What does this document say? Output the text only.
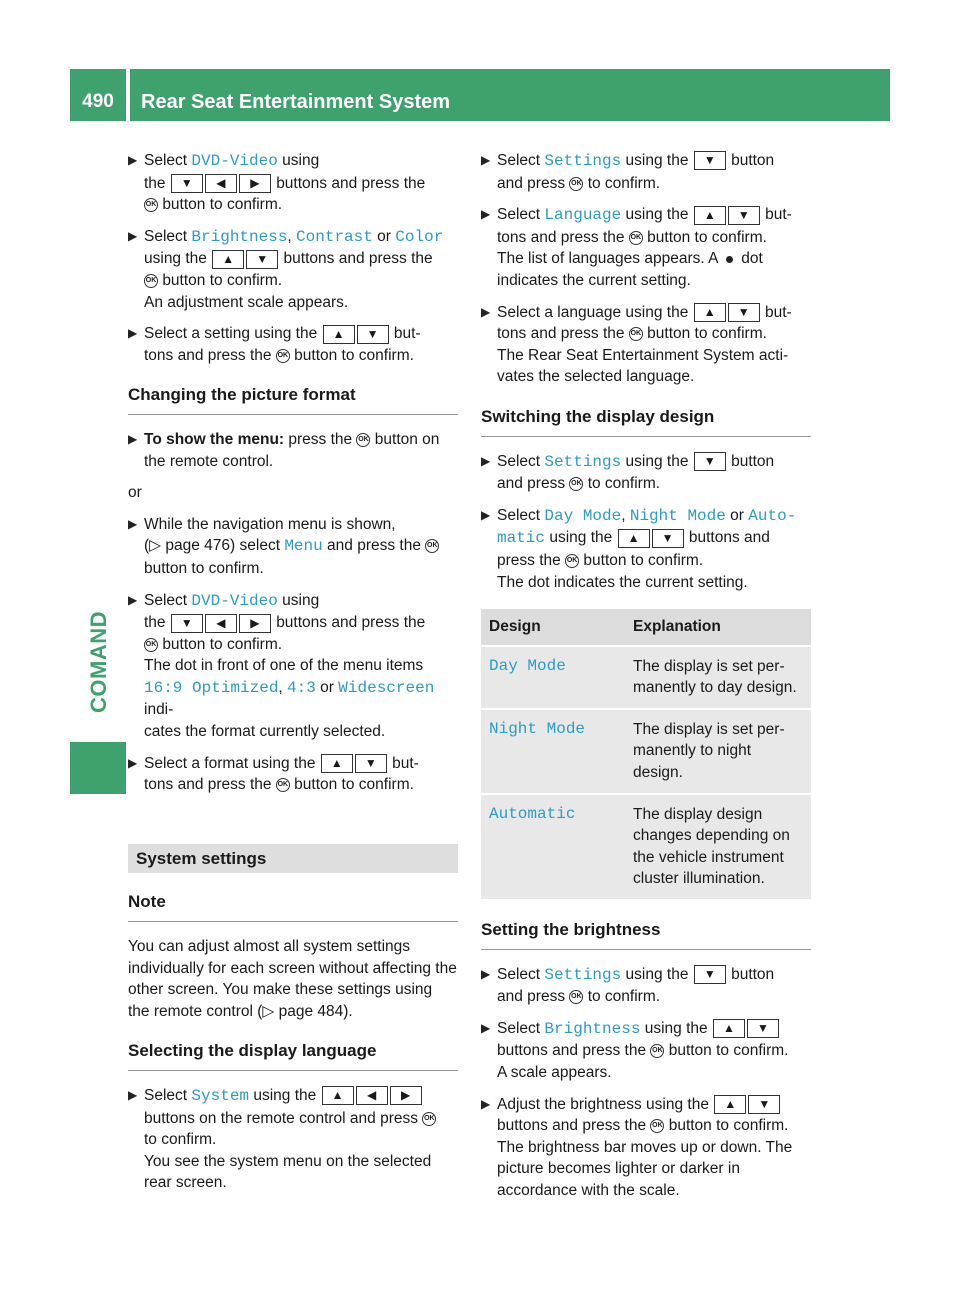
490	Rear Seat Entertainment System
COMAND
▶ Select DVD-Video using
the ▼ ◀ ▶ buttons and press the
OK button to confirm.
▶ Select Brightness, Contrast or Color
using the ▲ ▼ buttons and press the
OK button to confirm.
An adjustment scale appears.
▶ Select a setting using the ▲ ▼ but-
tons and press the OK button to confirm.
Changing the picture format
▶ To show the menu: press the OK button on the remote control.
or
▶ While the navigation menu is shown,
(▷ page 476) select Menu and press the OK
button to confirm.
▶ Select DVD-Video using
the ▼ ◀ ▶ buttons and press the
OK button to confirm.
The dot in front of one of the menu items
16:9 Optimized, 4:3 or Widescreen indi-
cates the format currently selected.
▶ Select a format using the ▲ ▼ but-
tons and press the OK button to confirm.
System settings
Note
You can adjust almost all system settings individually for each screen without affecting the other screen. You make these settings using the remote control (▷ page 484).
Selecting the display language
▶ Select System using the ▲ ◀ ▶
buttons on the remote control and press OK
to confirm.
You see the system menu on the selected rear screen.
▶ Select Settings using the ▼ button
and press OK to confirm.
▶ Select Language using the ▲ ▼ but-
tons and press the OK button to confirm.
The list of languages appears. A dot
indicates the current setting.
▶ Select a language using the ▲ ▼ but-
tons and press the OK button to confirm.
The Rear Seat Entertainment System acti-vates the selected language.
Switching the display design
▶ Select Settings using the ▼ button
and press OK to confirm.
▶ Select Day Mode, Night Mode or Auto‐matic using the ▲ ▼ buttons and
press the OK button to confirm.
The dot indicates the current setting.
Design	Explanation
Day Mode	The display is set per-manently to day design.
Night Mode	The display is set per-manently to night design.
Automatic	The display design changes depending on the vehicle instrument cluster illumination.
Setting the brightness
▶ Select Settings using the ▼ button
and press OK to confirm.
▶ Select Brightness using the ▲ ▼
buttons and press the OK button to confirm.
A scale appears.
▶ Adjust the brightness using the ▲ ▼
buttons and press the OK button to confirm.
The brightness bar moves up or down. The picture becomes lighter or darker in accordance with the scale.
